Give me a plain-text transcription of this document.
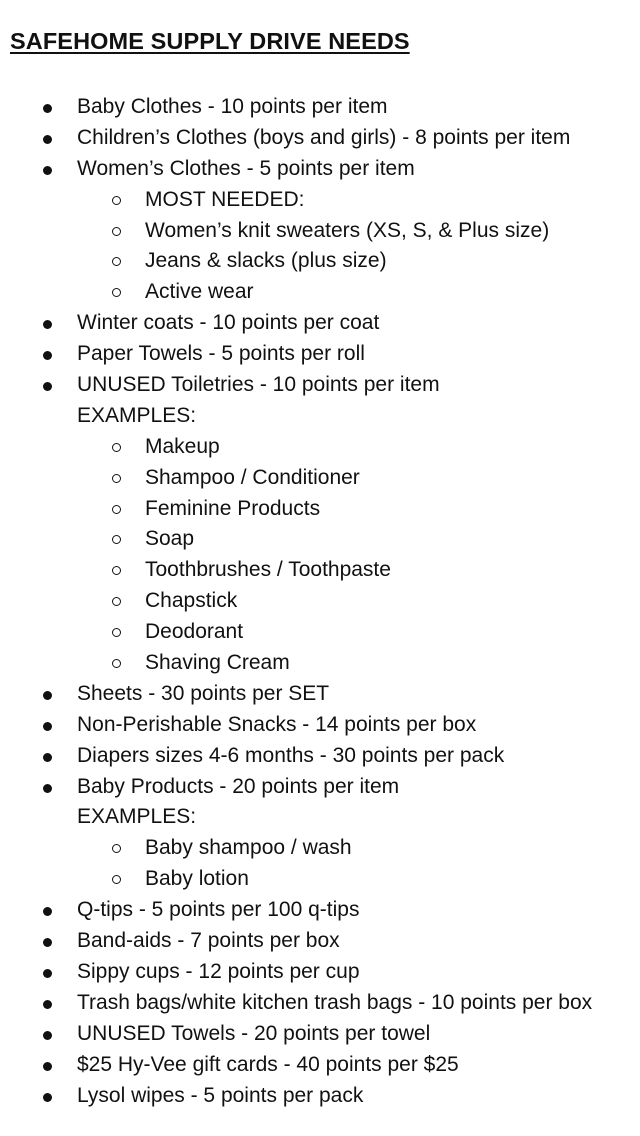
SAFEHOME SUPPLY DRIVE NEEDS
Baby Clothes - 10 points per item
Children’s Clothes (boys and girls) - 8 points per item
Women’s Clothes - 5 points per item
MOST NEEDED:
Women’s knit sweaters (XS, S, & Plus size)
Jeans & slacks (plus size)
Active wear
Winter coats - 10 points per coat
Paper Towels - 5 points per roll
UNUSED Toiletries - 10 points per item
EXAMPLES:
Makeup
Shampoo / Conditioner
Feminine Products
Soap
Toothbrushes / Toothpaste
Chapstick
Deodorant
Shaving Cream
Sheets - 30 points per SET
Non-Perishable Snacks - 14 points per box
Diapers sizes 4-6 months - 30 points per pack
Baby Products - 20 points per item
EXAMPLES:
Baby shampoo / wash
Baby lotion
Q-tips - 5 points per 100 q-tips
Band-aids - 7 points per box
Sippy cups - 12 points per cup
Trash bags/white kitchen trash bags - 10 points per box
UNUSED Towels - 20 points per towel
$25 Hy-Vee gift cards - 40 points per $25
Lysol wipes - 5 points per pack
